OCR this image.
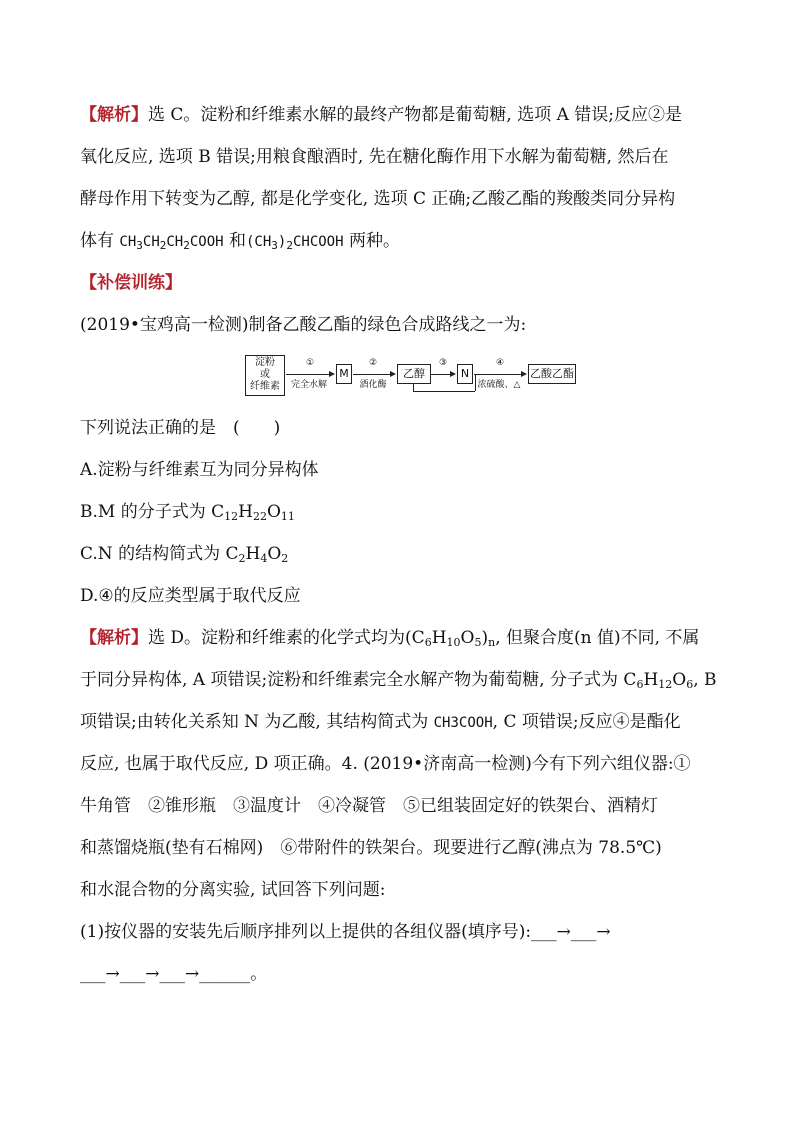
【解析】选 C。淀粉和纤维素水解的最终产物都是葡萄糖, 选项 A 错误;反应②是
氧化反应, 选项 B 错误;用粮食酿酒时, 先在糖化酶作用下水解为葡萄糖, 然后在
酵母作用下转变为乙醇, 都是化学变化, 选项 C 正确;乙酸乙酯的羧酸类同分异构
体有 $CH_3CH_2CH_2COOH$ 和$(CH_3)_2CHCOOH$ 两种。
【补偿训练】
(2019•宝鸡高一检测)制备乙酸乙酯的绿色合成路线之一为:
淀粉
或
纤维素
①
完全水解
M
②
酒化酶
乙醇
③
N
④
浓硫酸、△
乙酸乙酯
下列说法正确的是　(　　)
A.淀粉与纤维素互为同分异构体
B.M 的分子式为 $C_{12}H_{22}O_{11}$
C.N 的结构简式为 $C_2H_4O_2$
D.④的反应类型属于取代反应
【解析】选 D。淀粉和纤维素的化学式均为$(C_6H_{10}O_5)_n$, 但聚合度(n 值)不同, 不属
于同分异构体, A 项错误;淀粉和纤维素完全水解产物为葡萄糖, 分子式为 $C_6H_{12}O_6$, B
项错误;由转化关系知 N 为乙酸, 其结构简式为 CH3COOH, C 项错误;反应④是酯化
反应, 也属于取代反应, D 项正确。4. (2019•济南高一检测)今有下列六组仪器:①
牛角管　②锥形瓶　③温度计　④冷凝管　⑤已组装固定好的铁架台、酒精灯
和蒸馏烧瓶(垫有石棉网)　⑥带附件的铁架台。现要进行乙醇(沸点为 78.5℃)
和水混合物的分离实验, 试回答下列问题:
(1)按仪器的安装先后顺序排列以上提供的各组仪器(填序号):___→___→
___→___→___→______。
